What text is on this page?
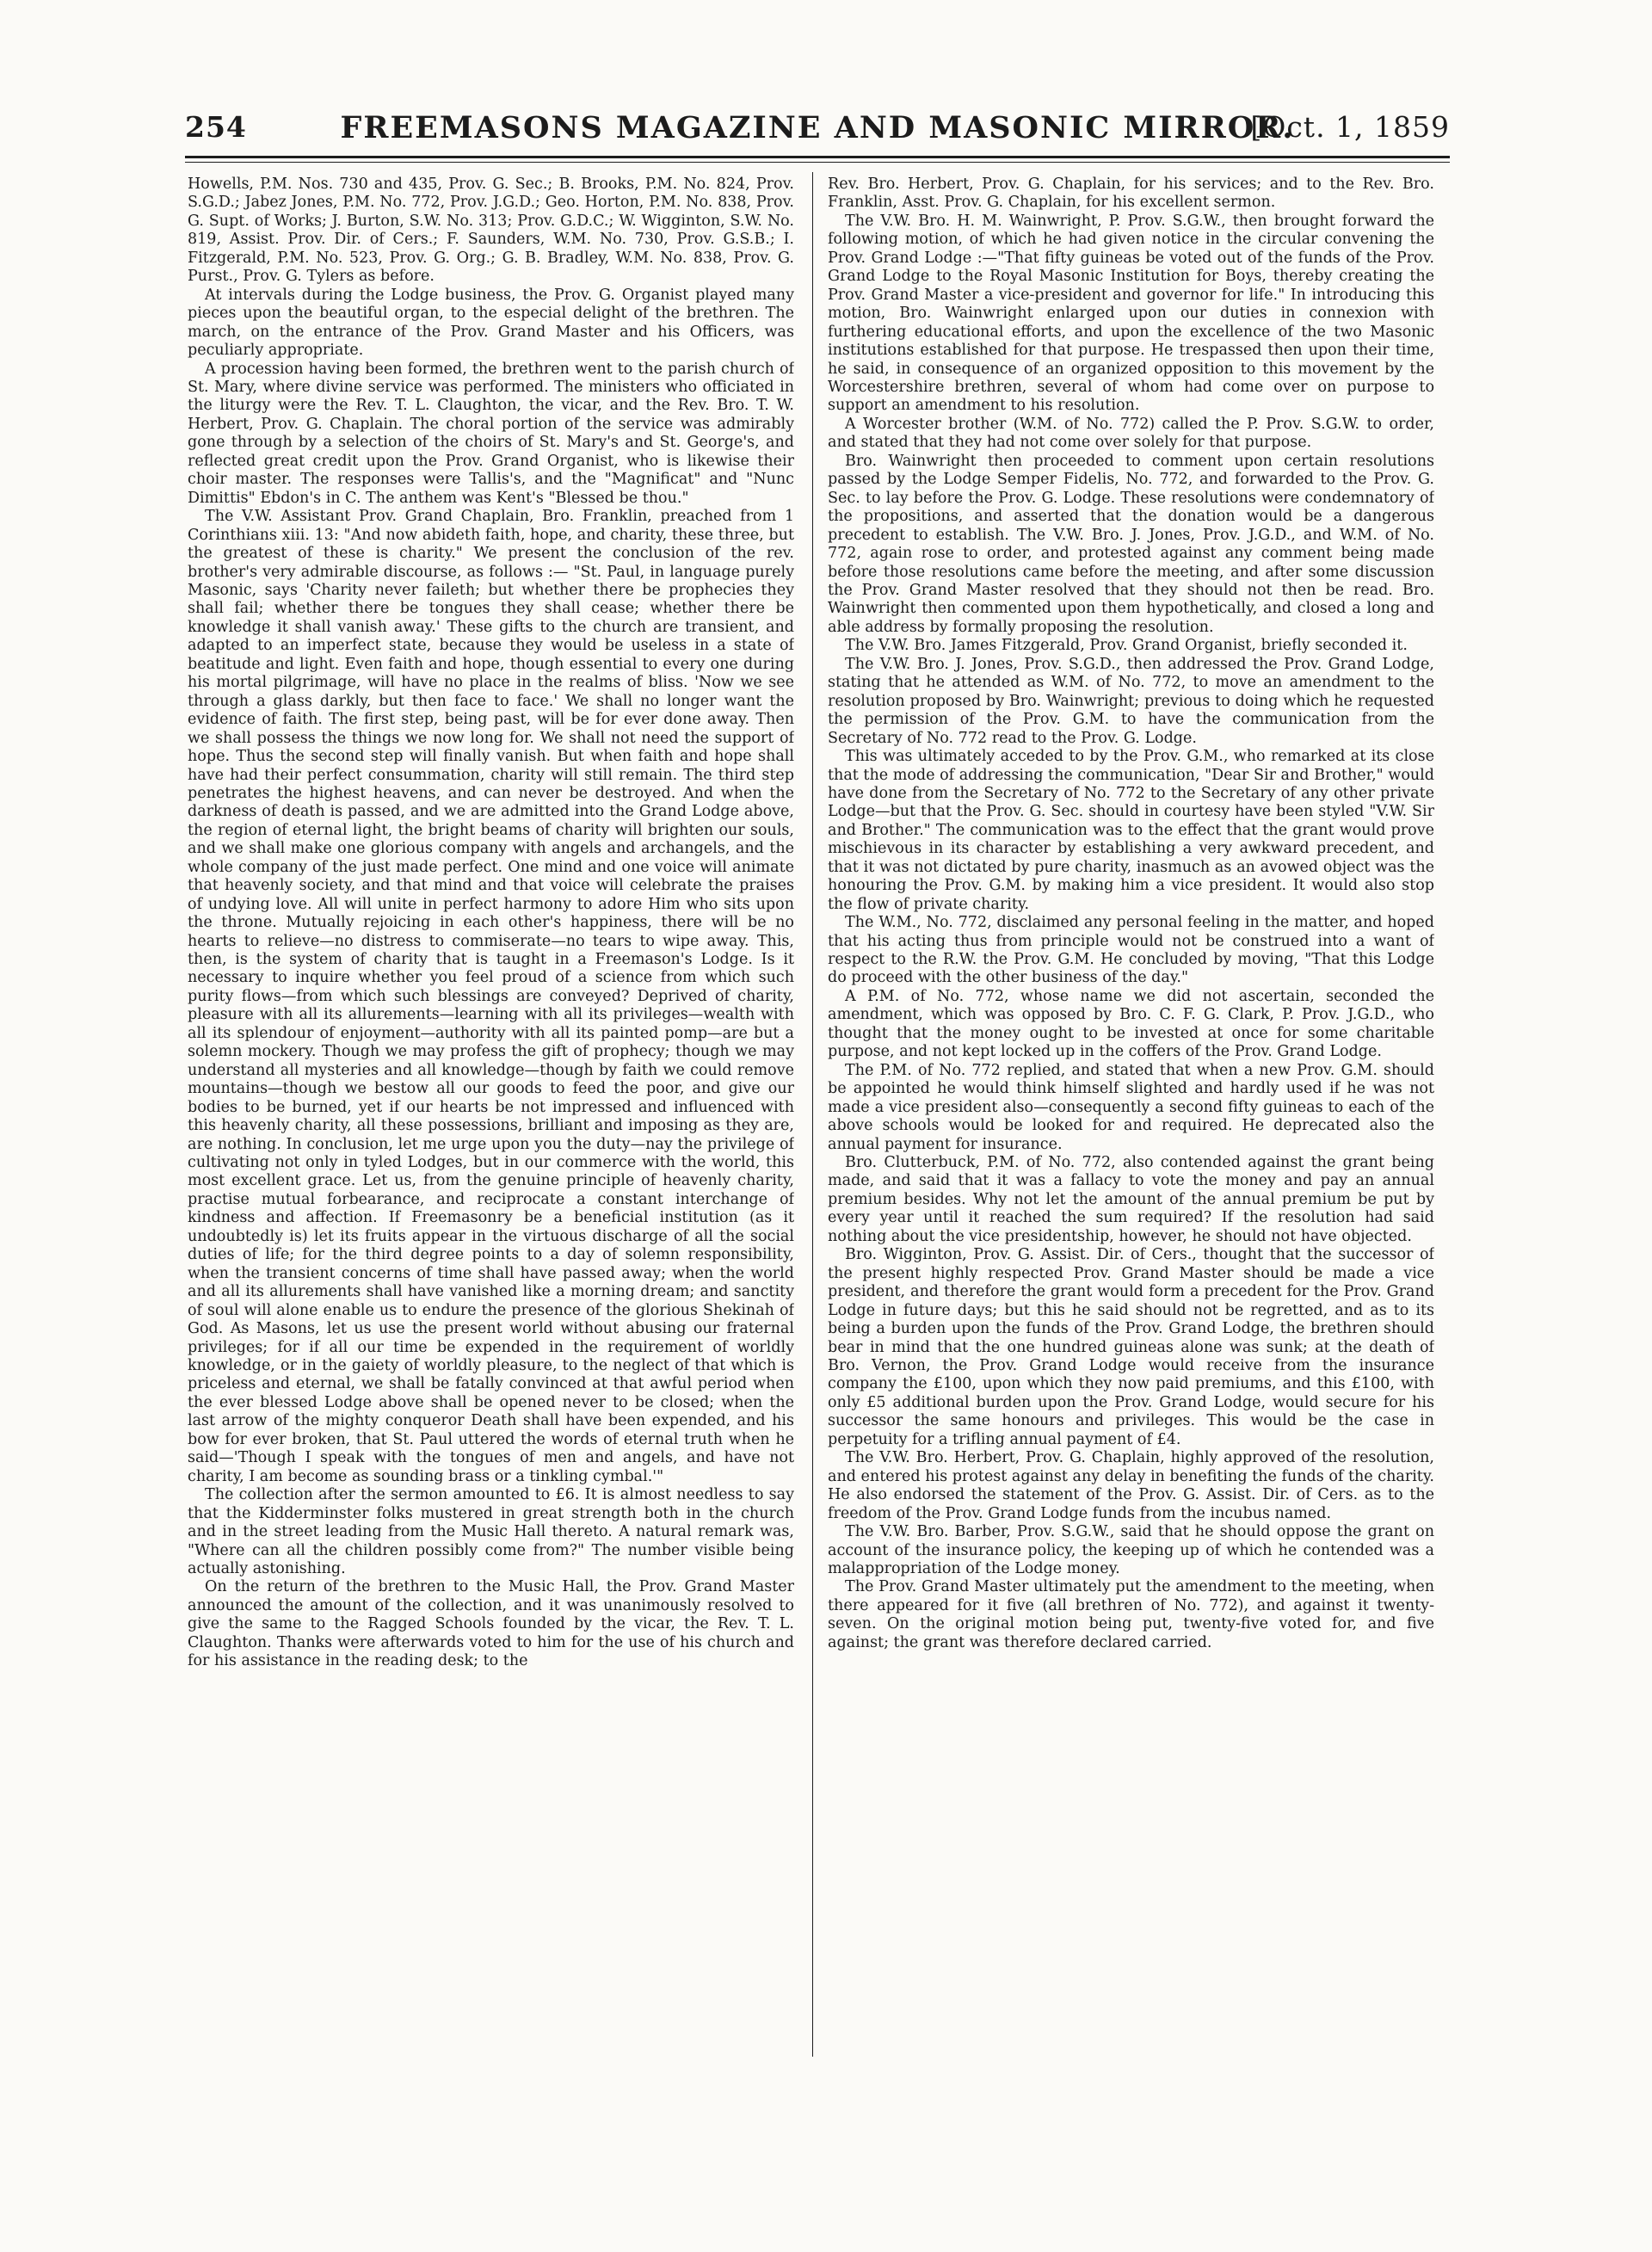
254	FREEMASONS MAGAZINE AND MASONIC MIRROR.
[Oct. 1, 1859

Howells, P.M. Nos. 730 and 435, Prov. G. Sec.; B. Brooks, P.M. No. 824, Prov. S.G.D.; Jabez Jones, P.M. No. 772, Prov. J.G.D.; Geo. Horton, P.M. No. 838, Prov. G. Supt. of Works; J. Burton, S.W. No. 313; Prov. G.D.C.; W. Wigginton, S.W. No. 819, Assist. Prov. Dir. of Cers.; F. Saunders, W.M. No. 730, Prov. G.S.B.; I. Fitzgerald, P.M. No. 523, Prov. G. Org.; G. B. Bradley, W.M. No. 838, Prov. G. Purst., Prov. G. Tylers as before.

At intervals during the Lodge business, the Prov. G. Organist played many pieces upon the beautiful organ, to the especial delight of the brethren. The march, on the entrance of the Prov. Grand Master and his Officers, was peculiarly appropriate.

A procession having been formed, the brethren went to the parish church of St. Mary, where divine service was performed. The ministers who officiated in the liturgy were the Rev. T. L. Claughton, the vicar, and the Rev. Bro. T. W. Herbert, Prov. G. Chaplain. The choral portion of the service was admirably gone through by a selection of the choirs of St. Mary's and St. George's, and reflected great credit upon the Prov. Grand Organist, who is likewise their choir master. The responses were Tallis's, and the "Magnificat" and "Nunc Dimittis" Ebdon's in C. The anthem was Kent's "Blessed be thou."

The V.W. Assistant Prov. Grand Chaplain, Bro. Franklin, preached from 1 Corinthians xiii. 13: "And now abideth faith, hope, and charity, these three, but the greatest of these is charity." We present the conclusion of the rev. brother's very admirable discourse, as follows :— "St. Paul, in language purely Masonic, says 'Charity never faileth; but whether there be prophecies they shall fail; whether there be tongues they shall cease; whether there be knowledge it shall vanish away.' These gifts to the church are transient, and adapted to an imperfect state, because they would be useless in a state of beatitude and light. Even faith and hope, though essential to every one during his mortal pilgrimage, will have no place in the realms of bliss. 'Now we see through a glass darkly, but then face to face.' We shall no longer want the evidence of faith. The first step, being past, will be for ever done away. Then we shall possess the things we now long for. We shall not need the support of hope. Thus the second step will finally vanish. But when faith and hope shall have had their perfect consummation, charity will still remain. The third step penetrates the highest heavens, and can never be destroyed. And when the darkness of death is passed, and we are admitted into the Grand Lodge above, the region of eternal light, the bright beams of charity will brighten our souls, and we shall make one glorious company with angels and archangels, and the whole company of the just made perfect. One mind and one voice will animate that heavenly society, and that mind and that voice will celebrate the praises of undying love. All will unite in perfect harmony to adore Him who sits upon the throne. Mutually rejoicing in each other's happiness, there will be no hearts to relieve—no distress to commiserate—no tears to wipe away. This, then, is the system of charity that is taught in a Freemason's Lodge. Is it necessary to inquire whether you feel proud of a science from which such purity flows—from which such blessings are conveyed? Deprived of charity, pleasure with all its allurements—learning with all its privileges—wealth with all its splendour of enjoyment—authority with all its painted pomp—are but a solemn mockery. Though we may profess the gift of prophecy; though we may understand all mysteries and all knowledge—though by faith we could remove mountains—though we bestow all our goods to feed the poor, and give our bodies to be burned, yet if our hearts be not impressed and influenced with this heavenly charity, all these possessions, brilliant and imposing as they are, are nothing. In conclusion, let me urge upon you the duty—nay the privilege of cultivating not only in tyled Lodges, but in our commerce with the world, this most excellent grace. Let us, from the genuine principle of heavenly charity, practise mutual forbearance, and reciprocate a constant interchange of kindness and affection. If Freemasonry be a beneficial institution (as it undoubtedly is) let its fruits appear in the virtuous discharge of all the social duties of life; for the third degree points to a day of solemn responsibility, when the transient concerns of time shall have passed away; when the world and all its allurements shall have vanished like a morning dream; and sanctity of soul will alone enable us to endure the presence of the glorious Shekinah of God. As Masons, let us use the present world without abusing our fraternal privileges; for if all our time be expended in the requirement of worldly knowledge, or in the gaiety of worldly pleasure, to the neglect of that which is priceless and eternal, we shall be fatally convinced at that awful period when the ever blessed Lodge above shall be opened never to be closed; when the last arrow of the mighty conqueror Death shall have been expended, and his bow for ever broken, that St. Paul uttered the words of eternal truth when he said—'Though I speak with the tongues of men and angels, and have not charity, I am become as sounding brass or a tinkling cymbal.'"

The collection after the sermon amounted to £6. It is almost needless to say that the Kidderminster folks mustered in great strength both in the church and in the street leading from the Music Hall thereto. A natural remark was, "Where can all the children possibly come from?" The number visible being actually astonishing.

On the return of the brethren to the Music Hall, the Prov. Grand Master announced the amount of the collection, and it was unanimously resolved to give the same to the Ragged Schools founded by the vicar, the Rev. T. L. Claughton. Thanks were afterwards voted to him for the use of his church and for his assistance in the reading desk; to the

Rev. Bro. Herbert, Prov. G. Chaplain, for his services; and to the Rev. Bro. Franklin, Asst. Prov. G. Chaplain, for his excellent sermon.

The V.W. Bro. H. M. Wainwright, P. Prov. S.G.W., then brought forward the following motion, of which he had given notice in the circular convening the Prov. Grand Lodge :—"That fifty guineas be voted out of the funds of the Prov. Grand Lodge to the Royal Masonic Institution for Boys, thereby creating the Prov. Grand Master a vice-president and governor for life." In introducing this motion, Bro. Wainwright enlarged upon our duties in connexion with furthering educational efforts, and upon the excellence of the two Masonic institutions established for that purpose. He trespassed then upon their time, he said, in consequence of an organized opposition to this movement by the Worcestershire brethren, several of whom had come over on purpose to support an amendment to his resolution.

A Worcester brother (W.M. of No. 772) called the P. Prov. S.G.W. to order, and stated that they had not come over solely for that purpose.

Bro. Wainwright then proceeded to comment upon certain resolutions passed by the Lodge Semper Fidelis, No. 772, and forwarded to the Prov. G. Sec. to lay before the Prov. G. Lodge. These resolutions were condemnatory of the propositions, and asserted that the donation would be a dangerous precedent to establish. The V.W. Bro. J. Jones, Prov. J.G.D., and W.M. of No. 772, again rose to order, and protested against any comment being made before those resolutions came before the meeting, and after some discussion the Prov. Grand Master resolved that they should not then be read. Bro. Wainwright then commented upon them hypothetically, and closed a long and able address by formally proposing the resolution.

The V.W. Bro. James Fitzgerald, Prov. Grand Organist, briefly seconded it.

The V.W. Bro. J. Jones, Prov. S.G.D., then addressed the Prov. Grand Lodge, stating that he attended as W.M. of No. 772, to move an amendment to the resolution proposed by Bro. Wainwright; previous to doing which he requested the permission of the Prov. G.M. to have the communication from the Secretary of No. 772 read to the Prov. G. Lodge.

This was ultimately acceded to by the Prov. G.M., who remarked at its close that the mode of addressing the communication, "Dear Sir and Brother," would have done from the Secretary of No. 772 to the Secretary of any other private Lodge—but that the Prov. G. Sec. should in courtesy have been styled "V.W. Sir and Brother." The communication was to the effect that the grant would prove mischievous in its character by establishing a very awkward precedent, and that it was not dictated by pure charity, inasmuch as an avowed object was the honouring the Prov. G.M. by making him a vice president. It would also stop the flow of private charity.

The W.M., No. 772, disclaimed any personal feeling in the matter, and hoped that his acting thus from principle would not be construed into a want of respect to the R.W. the Prov. G.M. He concluded by moving, "That this Lodge do proceed with the other business of the day."

A P.M. of No. 772, whose name we did not ascertain, seconded the amendment, which was opposed by Bro. C. F. G. Clark, P. Prov. J.G.D., who thought that the money ought to be invested at once for some charitable purpose, and not kept locked up in the coffers of the Prov. Grand Lodge.

The P.M. of No. 772 replied, and stated that when a new Prov. G.M. should be appointed he would think himself slighted and hardly used if he was not made a vice president also—consequently a second fifty guineas to each of the above schools would be looked for and required. He deprecated also the annual payment for insurance.

Bro. Clutterbuck, P.M. of No. 772, also contended against the grant being made, and said that it was a fallacy to vote the money and pay an annual premium besides. Why not let the amount of the annual premium be put by every year until it reached the sum required? If the resolution had said nothing about the vice presidentship, however, he should not have objected.

Bro. Wigginton, Prov. G. Assist. Dir. of Cers., thought that the successor of the present highly respected Prov. Grand Master should be made a vice president, and therefore the grant would form a precedent for the Prov. Grand Lodge in future days; but this he said should not be regretted, and as to its being a burden upon the funds of the Prov. Grand Lodge, the brethren should bear in mind that the one hundred guineas alone was sunk; at the death of Bro. Vernon, the Prov. Grand Lodge would receive from the insurance company the £100, upon which they now paid premiums, and this £100, with only £5 additional burden upon the Prov. Grand Lodge, would secure for his successor the same honours and privileges. This would be the case in perpetuity for a trifling annual payment of £4.

The V.W. Bro. Herbert, Prov. G. Chaplain, highly approved of the resolution, and entered his protest against any delay in benefiting the funds of the charity. He also endorsed the statement of the Prov. G. Assist. Dir. of Cers. as to the freedom of the Prov. Grand Lodge funds from the incubus named.

The V.W. Bro. Barber, Prov. S.G.W., said that he should oppose the grant on account of the insurance policy, the keeping up of which he contended was a malappropriation of the Lodge money.

The Prov. Grand Master ultimately put the amendment to the meeting, when there appeared for it five (all brethren of No. 772), and against it twenty-seven. On the original motion being put, twenty-five voted for, and five against; the grant was therefore declared carried.
